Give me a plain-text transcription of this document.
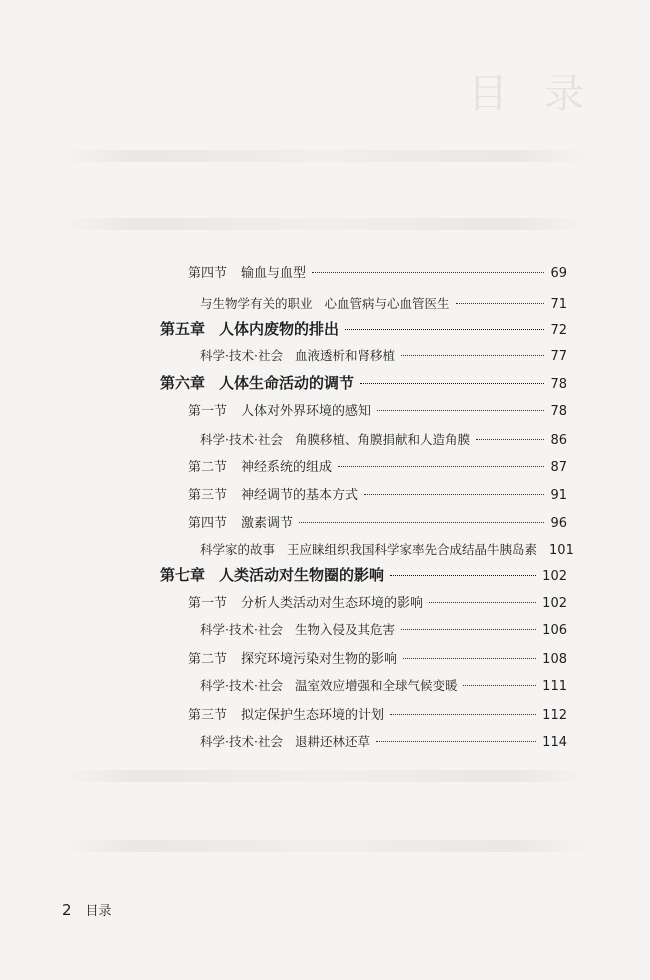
目录
第四节 输血与血型	69
与生物学有关的职业 心血管病与心血管医生	71
第五章 人体内废物的排出	72
科学·技术·社会 血液透析和肾移植	77
第六章 人体生命活动的调节	78
第一节 人体对外界环境的感知	78
科学·技术·社会 角膜移植、角膜捐献和人造角膜	86
第二节 神经系统的组成	87
第三节 神经调节的基本方式	91
第四节 激素调节	96
科学家的故事 王应睐组织我国科学家率先合成结晶牛胰岛素 101
第七章 人类活动对生物圈的影响	102
第一节 分析人类活动对生态环境的影响	102
科学·技术·社会 生物入侵及其危害	106
第二节 探究环境污染对生物的影响	108
科学·技术·社会 温室效应增强和全球气候变暖	111
第三节 拟定保护生态环境的计划	112
科学·技术·社会 退耕还林还草	114
2 目录
